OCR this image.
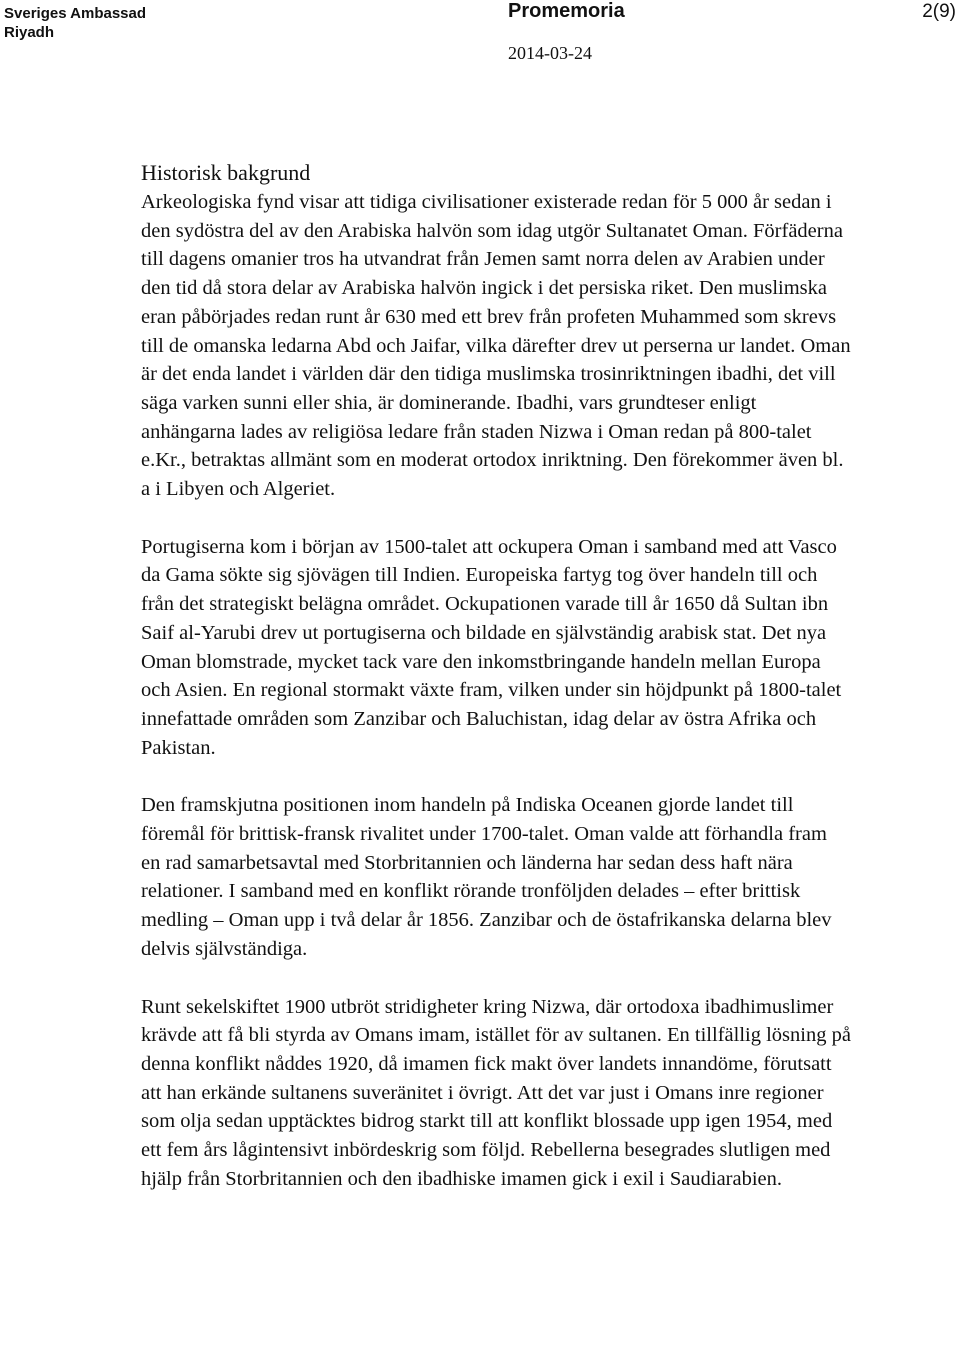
Sveriges Ambassad
Riyadh
Promemoria
2014-03-24
2(9)
Historisk bakgrund

Arkeologiska fynd visar att tidiga civilisationer existerade redan för 5 000 år sedan i den sydöstra del av den Arabiska halvön som idag utgör Sultanatet Oman. Förfäderna till dagens omanier tros ha utvandrat från Jemen samt norra delen av Arabien under den tid då stora delar av Arabiska halvön ingick i det persiska riket. Den muslimska eran påbörjades redan runt år 630 med ett brev från profeten Muhammed som skrevs till de omanska ledarna Abd och Jaifar, vilka därefter drev ut perserna ur landet. Oman är det enda landet i världen där den tidiga muslimska trosinriktningen ibadhi, det vill säga varken sunni eller shia, är dominerande. Ibadhi, vars grundteser enligt anhängarna lades av religiösa ledare från staden Nizwa i Oman redan på 800-talet e.Kr., betraktas allmänt som en moderat ortodox inriktning. Den förekommer även bl. a i Libyen och Algeriet.

Portugiserna kom i början av 1500-talet att ockupera Oman i samband med att Vasco da Gama sökte sig sjövägen till Indien. Europeiska fartyg tog över handeln till och från det strategiskt belägna området. Ockupationen varade till år 1650 då Sultan ibn Saif al-Yarubi drev ut portugiserna och bildade en självständig arabisk stat. Det nya Oman blomstrade, mycket tack vare den inkomstbringande handeln mellan Europa och Asien. En regional stormakt växte fram, vilken under sin höjdpunkt på 1800-talet innefattade områden som Zanzibar och Baluchistan, idag delar av östra Afrika och Pakistan.

Den framskjutna positionen inom handeln på Indiska Oceanen gjorde landet till föremål för brittisk-fransk rivalitet under 1700-talet. Oman valde att förhandla fram en rad samarbetsavtal med Storbritannien och länderna har sedan dess haft nära relationer. I samband med en konflikt rörande tronföljden delades – efter brittisk medling – Oman upp i två delar år 1856. Zanzibar och de östafrikanska delarna blev delvis självständiga.

Runt sekelskiftet 1900 utbröt stridigheter kring Nizwa, där ortodoxa ibadhimuslimer krävde att få bli styrda av Omans imam, istället för av sultanen. En tillfällig lösning på denna konflikt nåddes 1920, då imamen fick makt över landets innandöme, förutsatt att han erkände sultanens suveränitet i övrigt. Att det var just i Omans inre regioner som olja sedan upptäcktes bidrog starkt till att konflikt blossade upp igen 1954, med ett fem års lågintensivt inbördeskrig som följd. Rebellerna besegrades slutligen med hjälp från Storbritannien och den ibadhiske imamen gick i exil i Saudiarabien.
